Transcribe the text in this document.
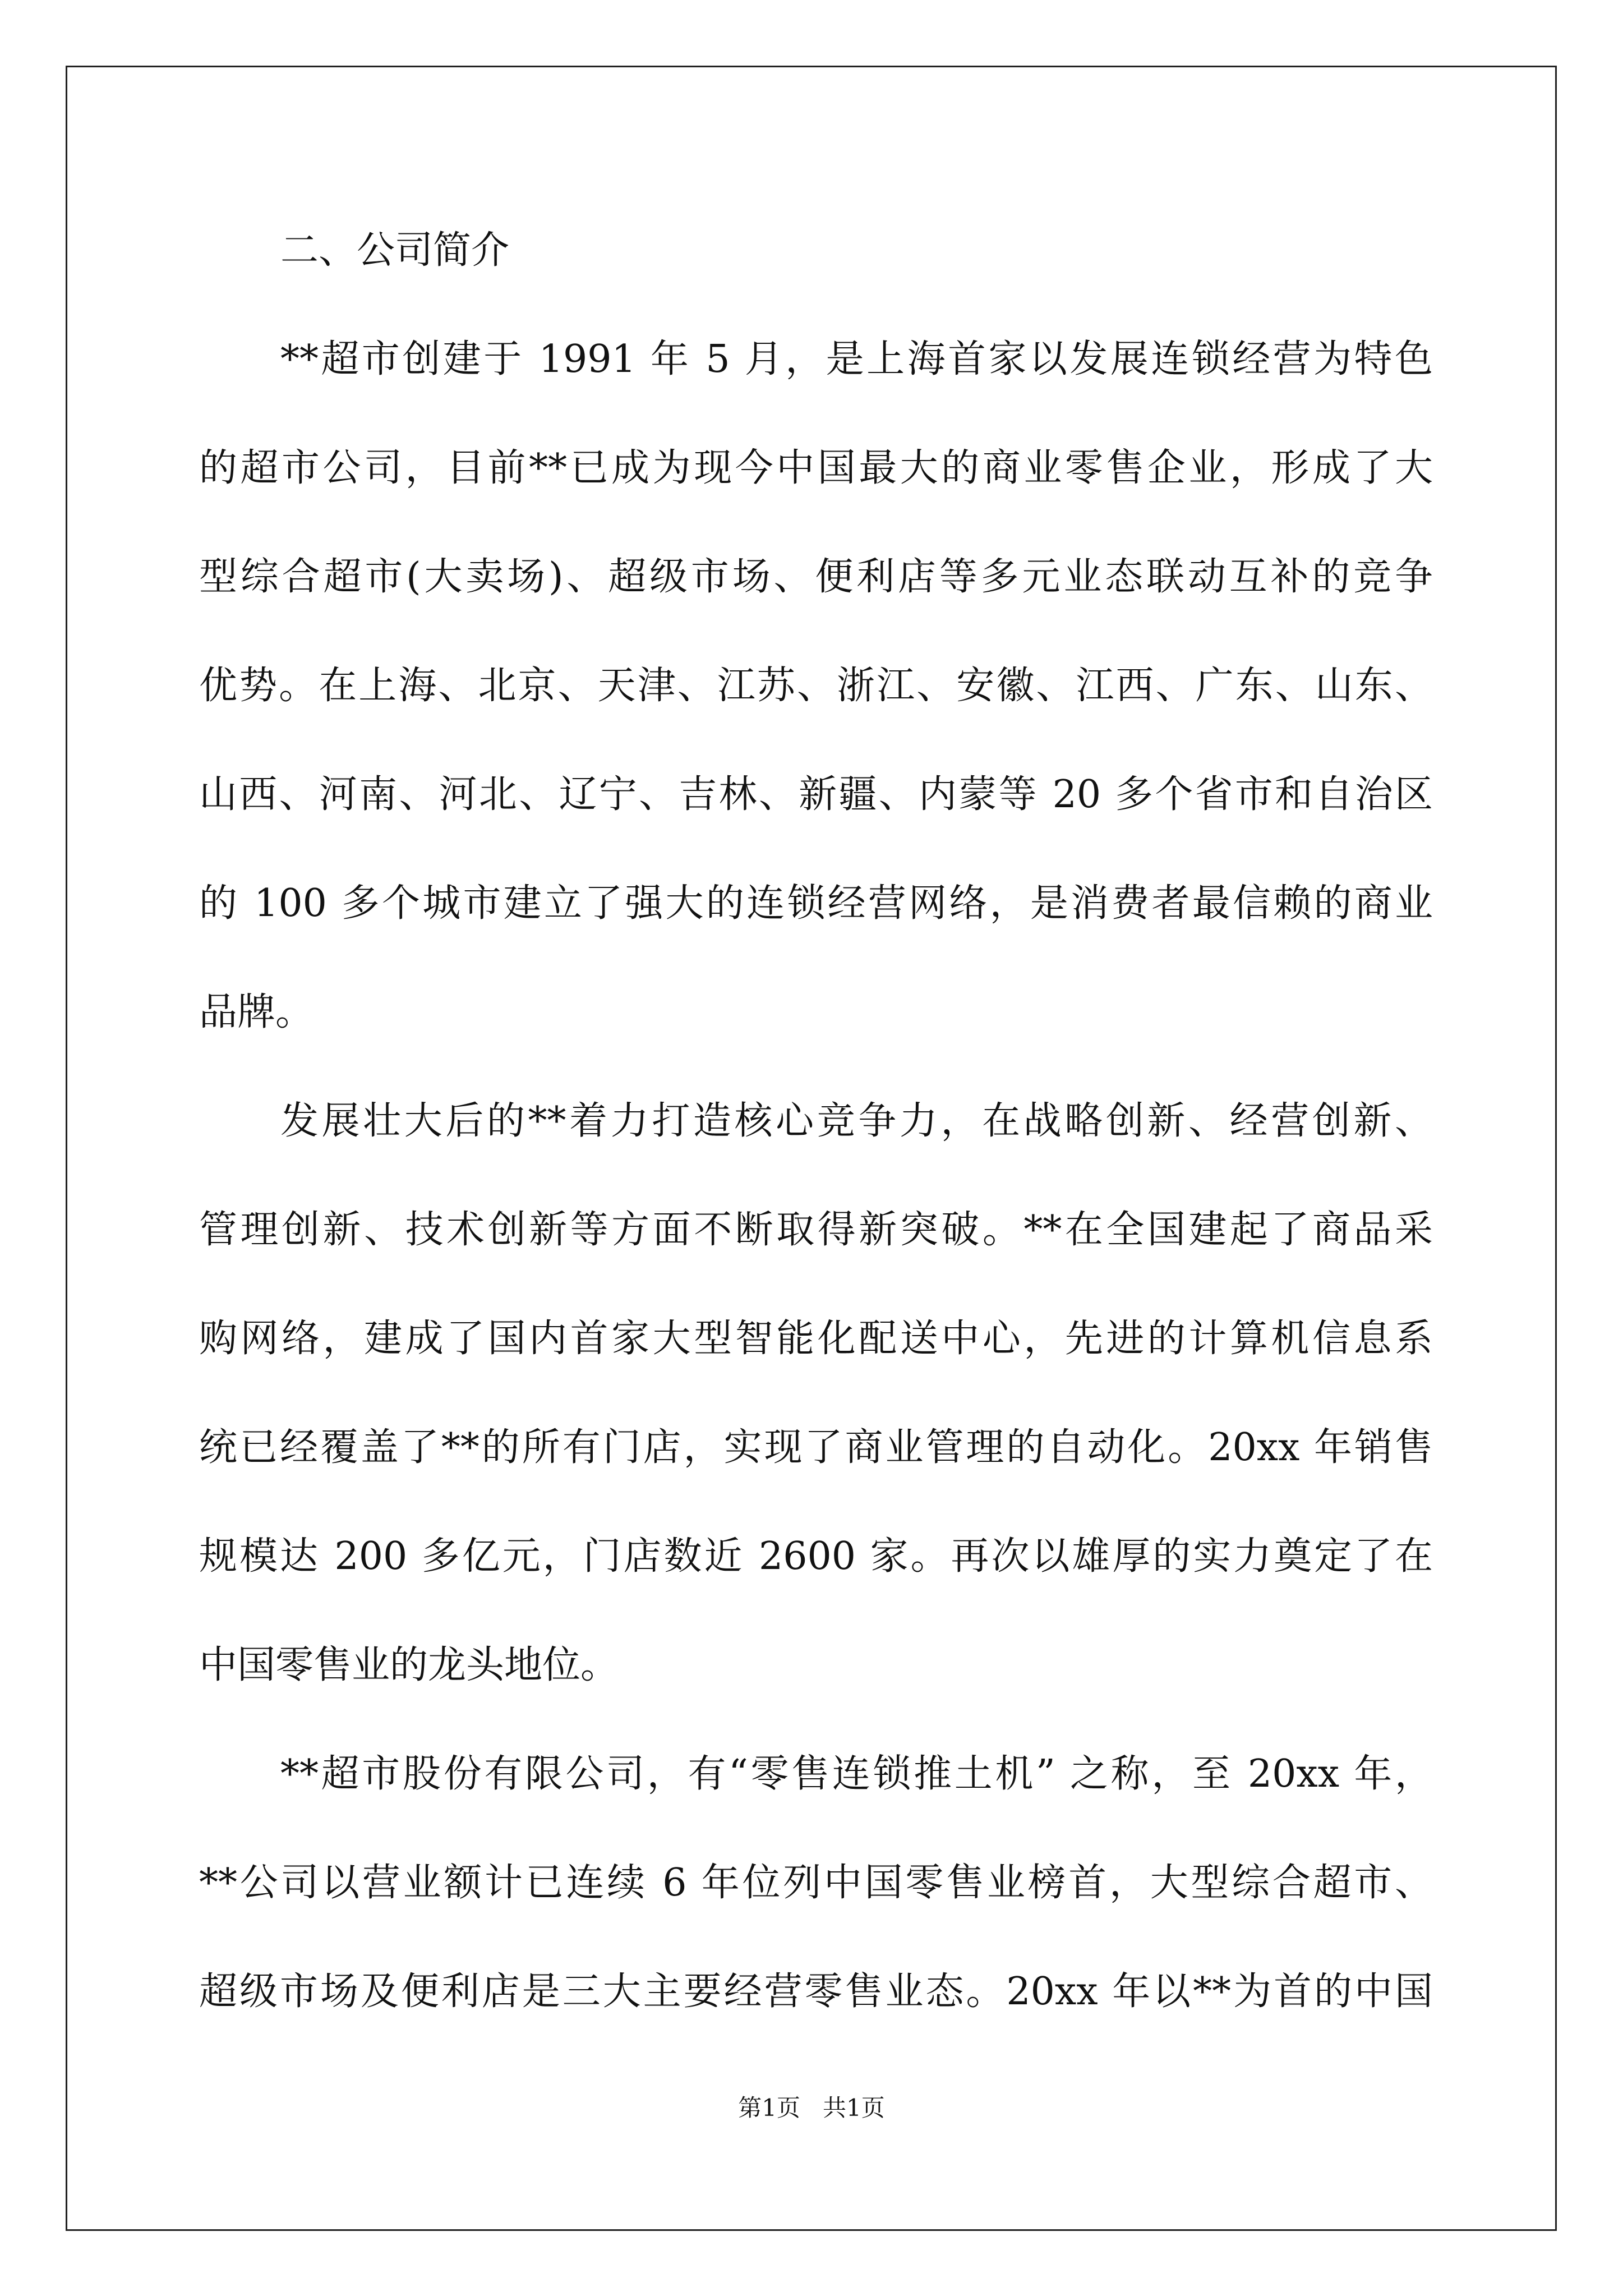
二、公司简介
**超市创建于 1991 年 5 月，是上海首家以发展连锁经营为特色
的超市公司，目前**已成为现今中国最大的商业零售企业，形成了大
型综合超市(大卖场)、超级市场、便利店等多元业态联动互补的竞争
优势。在上海、北京、天津、江苏、浙江、安徽、江西、广东、山东、
山西、河南、河北、辽宁、吉林、新疆、内蒙等 20 多个省市和自治区
的 100 多个城市建立了强大的连锁经营网络，是消费者最信赖的商业
品牌。
发展壮大后的**着力打造核心竞争力，在战略创新、经营创新、
管理创新、技术创新等方面不断取得新突破。**在全国建起了商品采
购网络，建成了国内首家大型智能化配送中心，先进的计算机信息系
统已经覆盖了**的所有门店，实现了商业管理的自动化。20xx 年销售
规模达 200 多亿元，门店数近 2600 家。再次以雄厚的实力奠定了在
中国零售业的龙头地位。
**超市股份有限公司，有“零售连锁推土机” 之称，至 20xx 年，
**公司以营业额计已连续 6 年位列中国零售业榜首，大型综合超市、
超级市场及便利店是三大主要经营零售业态。20xx 年以**为首的中国
第1页 共1页
